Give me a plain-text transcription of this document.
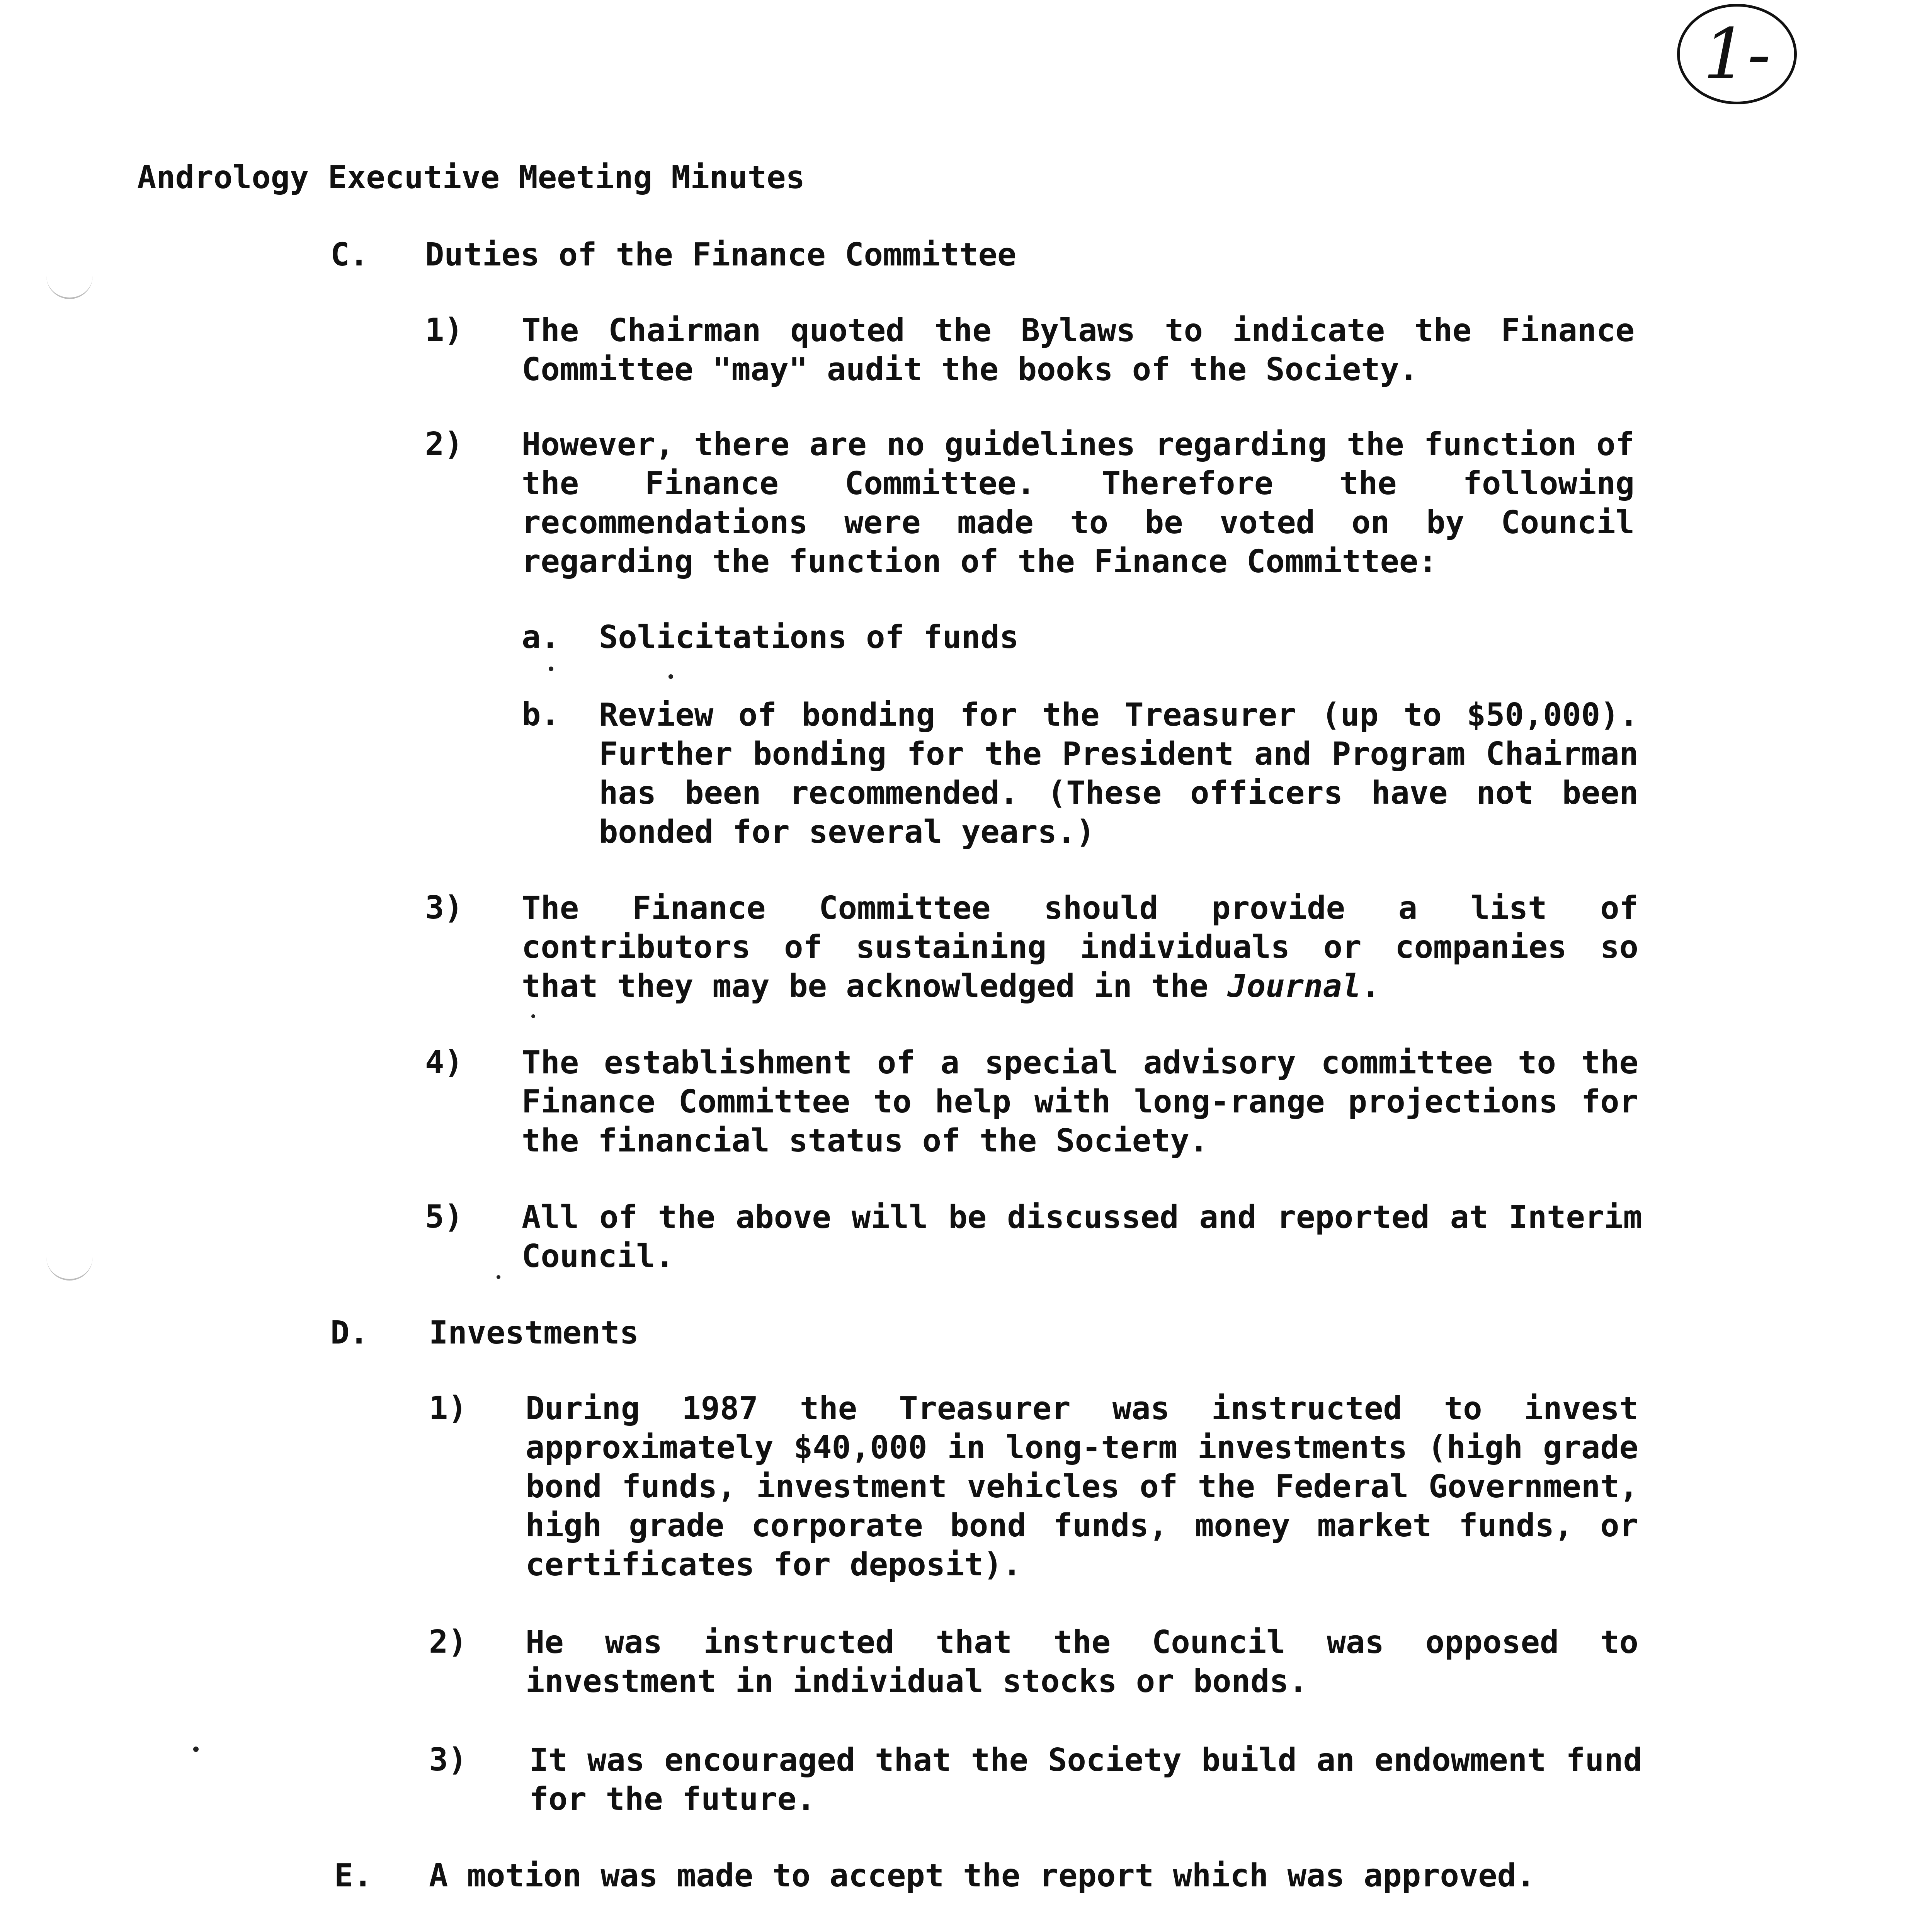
1-

Andrology Executive Meeting Minutes

C. Duties of the Finance Committee

1) The Chairman quoted the Bylaws to indicate the Finance Committee "may" audit the books of the Society.

2) However, there are no guidelines regarding the function of the Finance Committee. Therefore the following recommendations were made to be voted on by Council regarding the function of the Finance Committee:

a. Solicitations of funds

b. Review of bonding for the Treasurer (up to $50,000). Further bonding for the President and Program Chairman has been recommended. (These officers have not been bonded for several years.)

3) The Finance Committee should provide a list of contributors of sustaining individuals or companies so that they may be acknowledged in the Journal.

4) The establishment of a special advisory committee to the Finance Committee to help with long-range projections for the financial status of the Society.

5) All of the above will be discussed and reported at Interim Council.

D. Investments

1) During 1987 the Treasurer was instructed to invest approximately $40,000 in long-term investments (high grade bond funds, investment vehicles of the Federal Government, high grade corporate bond funds, money market funds, or certificates for deposit).

2) He was instructed that the Council was opposed to investment in individual stocks or bonds.

3) It was encouraged that the Society build an endowment fund for the future.

E. A motion was made to accept the report which was approved.
